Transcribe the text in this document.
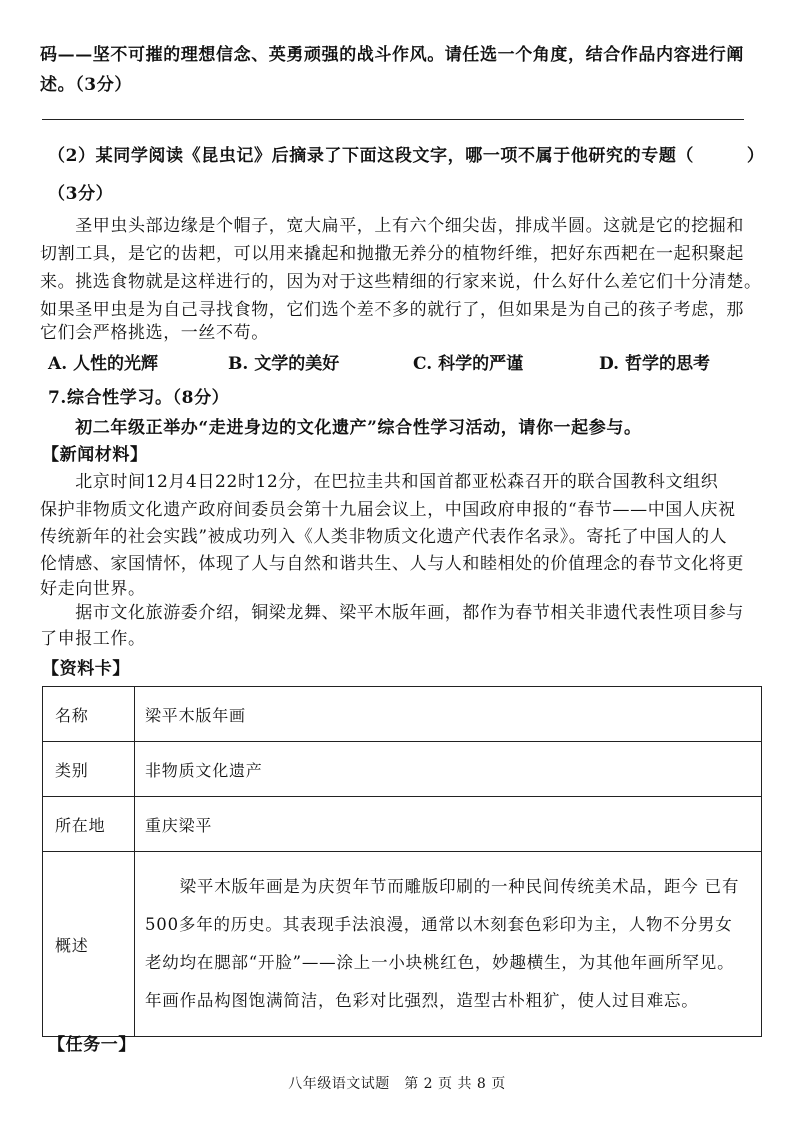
码——坚不可摧的理想信念、英勇顽强的战斗作风。请任选一个角度，结合作品内容进行阐
述。（3分）
（2）某同学阅读《昆虫记》后摘录了下面这段文字，哪一项不属于他研究的专题（　　　）
（3分）
　　圣甲虫头部边缘是个帽子，宽大扁平，上有六个细尖齿，排成半圆。这就是它的挖掘和
切割工具，是它的齿耙，可以用来撬起和抛撒无养分的植物纤维，把好东西耙在一起积聚起
来。挑选食物就是这样进行的，因为对于这些精细的行家来说，什么好什么差它们十分清楚。
如果圣甲虫是为自己寻找食物，它们选个差不多的就行了，但如果是为自己的孩子考虑，那
它们会严格挑选，一丝不苟。
A. 人性的光辉	B. 文学的美好	C. 科学的严谨	D. 哲学的思考
7.综合性学习。（8分）
　　初二年级正举办“走进身边的文化遗产”综合性学习活动，请你一起参与。
【新闻材料】
　　北京时间12月4日22时12分，在巴拉圭共和国首都亚松森召开的联合国教科文组织
保护非物质文化遗产政府间委员会第十九届会议上，中国政府申报的“春节——中国人庆祝
传统新年的社会实践”被成功列入《人类非物质文化遗产代表作名录》。寄托了中国人的人
伦情感、家国情怀，体现了人与自然和谐共生、人与人和睦相处的价值理念的春节文化将更
好走向世界。
　　据市文化旅游委介绍，铜梁龙舞、梁平木版年画，都作为春节相关非遗代表性项目参与
了申报工作。
【资料卡】
名称	梁平木版年画
类别	非物质文化遗产
所在地	重庆梁平
概述	　　梁平木版年画是为庆贺年节而雕版印刷的一种民间传统美术品，距今 已有500多年的历史。其表现手法浪漫，通常以木刻套色彩印为主，人物不分男女老幼均在腮部“开脸”——涂上一小块桃红色，妙趣横生，为其他年画所罕见。年画作品构图饱满简洁，色彩对比强烈，造型古朴粗犷，使人过目难忘。
【任务一】
八年级语文试题　第 2 页 共 8 页
